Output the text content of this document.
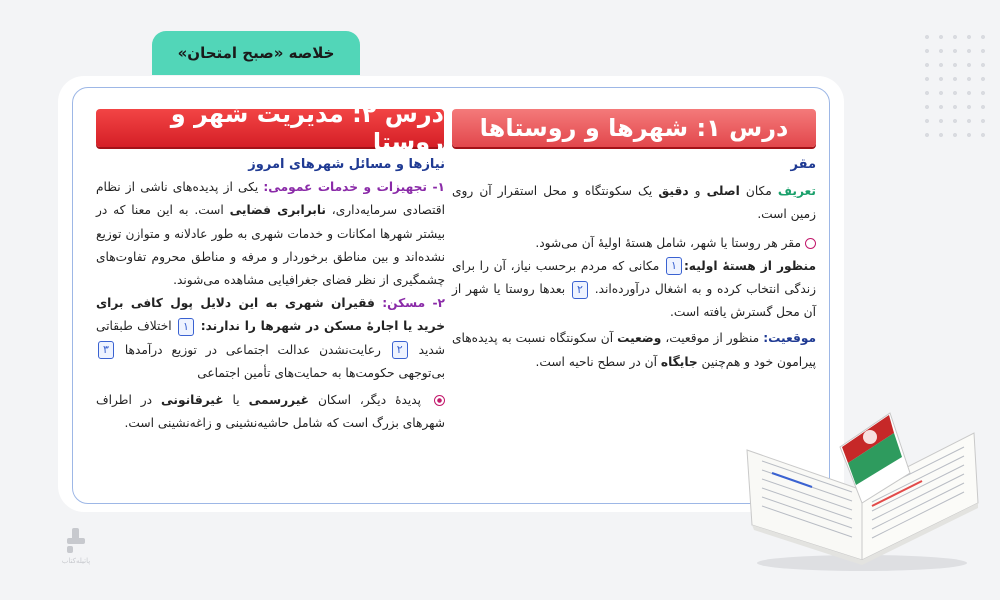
خلاصه «صبح امتحان»
درس ۱: شهرها و روستاها
درس ۲: مدیریت شهر و روستا

مقر

تعریف مکان اصلی و دقیق یک سکونتگاه و محل استقرار آن روی زمین است.

مقر هر روستا یا شهر، شامل هستهٔ اولیهٔ آن می‌شود.

منظور از هستهٔ اولیه:۱ مکانی که مردم برحسب نیاز، آن را برای زندگی انتخاب کرده و به اشغال درآورده‌اند. ۲ بعدها روستا یا شهر از آن محل گسترش یافته است.

موقعیت: منظور از موقعیت، وضعیت آن سکونتگاه نسبت به پدیده‌های پیرامون خود و هم‌چنین جایگاه آن در سطح ناحیه است.

نیازها و مسائل شهرهای امروز

۱- تجهیزات و خدمات عمومی: یکی از پدیده‌های ناشی از نظام اقتصادی سرمایه‌داری، نابرابری فضایی است. به این معنا که در بیشتر شهرها امکانات و خدمات شهری به طور عادلانه و متوازن توزیع نشده‌اند و بین مناطق برخوردار و مرفه و مناطق محروم تفاوت‌های چشمگیری از نظر فضای جغرافیایی مشاهده می‌شوند.

۲- مسکن: فقیران شهری به این دلایل پول کافی برای خرید یا اجارهٔ مسکن در شهرها را ندارند: ۱ اختلاف طبقاتی شدید ۲ رعایت‌نشدن عدالت اجتماعی در توزیع درآمدها ۳ بی‌توجهی حکومت‌ها به حمایت‌های تأمین اجتماعی

پدیدهٔ دیگر، اسکان غیررسمی یا غیرقانونی در اطراف شهرهای بزرگ است که شامل حاشیه‌نشینی و زاغه‌نشینی است.

پاتیله‌کتاب
